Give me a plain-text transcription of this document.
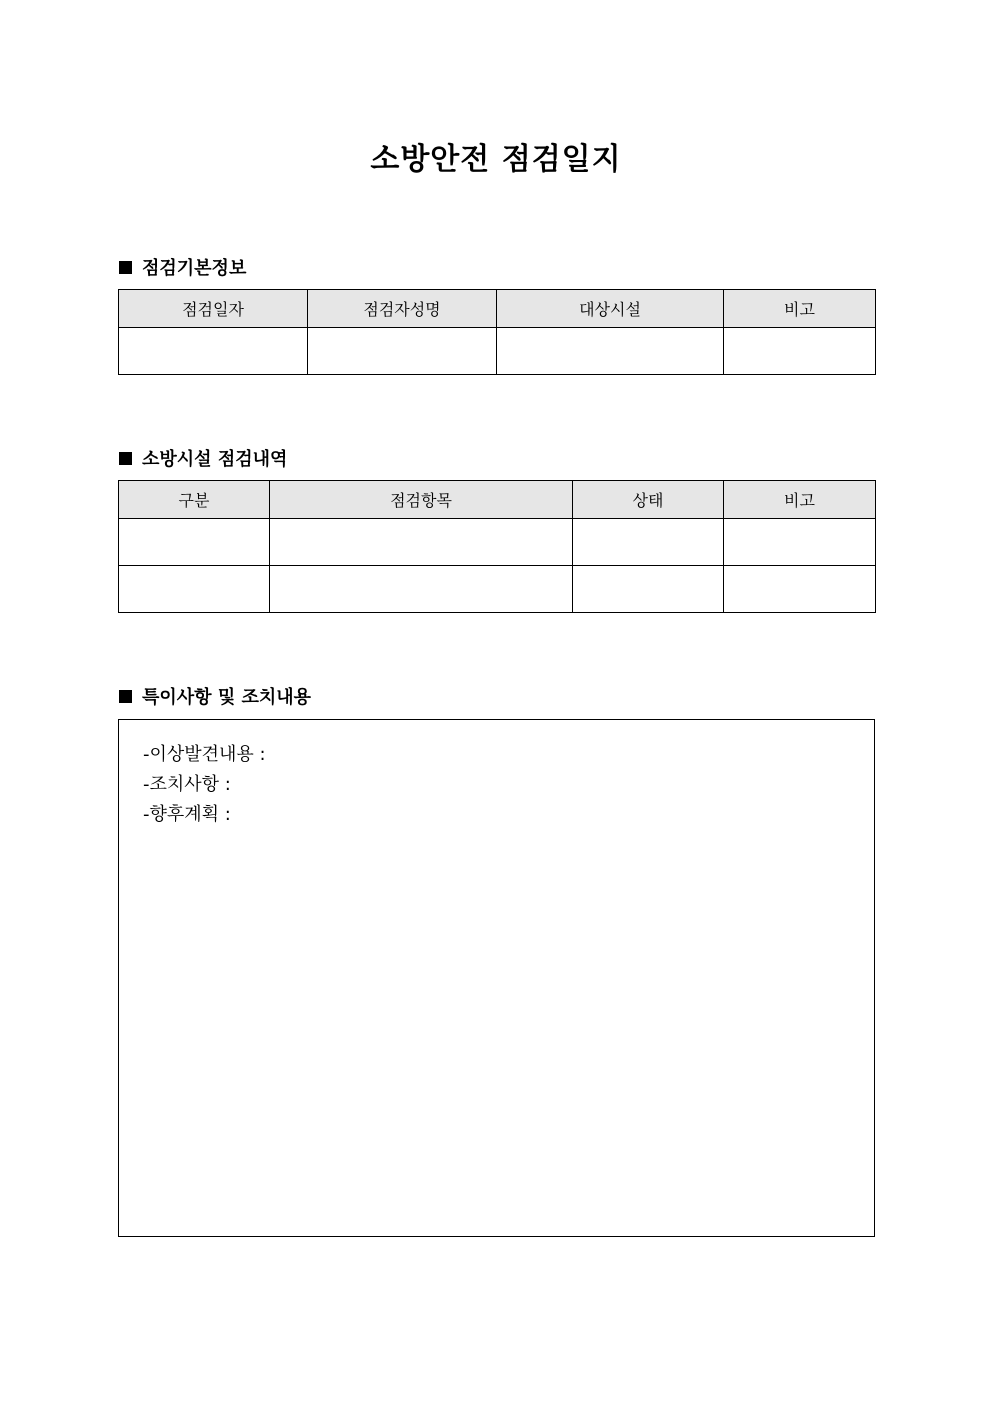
소방안전 점검일지
점검기본정보
점검일자	점검자성명	대상시설	비고

소방시설 점검내역
구분	점검항목	상태	비고

특이사항 및 조치내용
-이상발견내용 :
-조치사항 :
-향후계획 :
